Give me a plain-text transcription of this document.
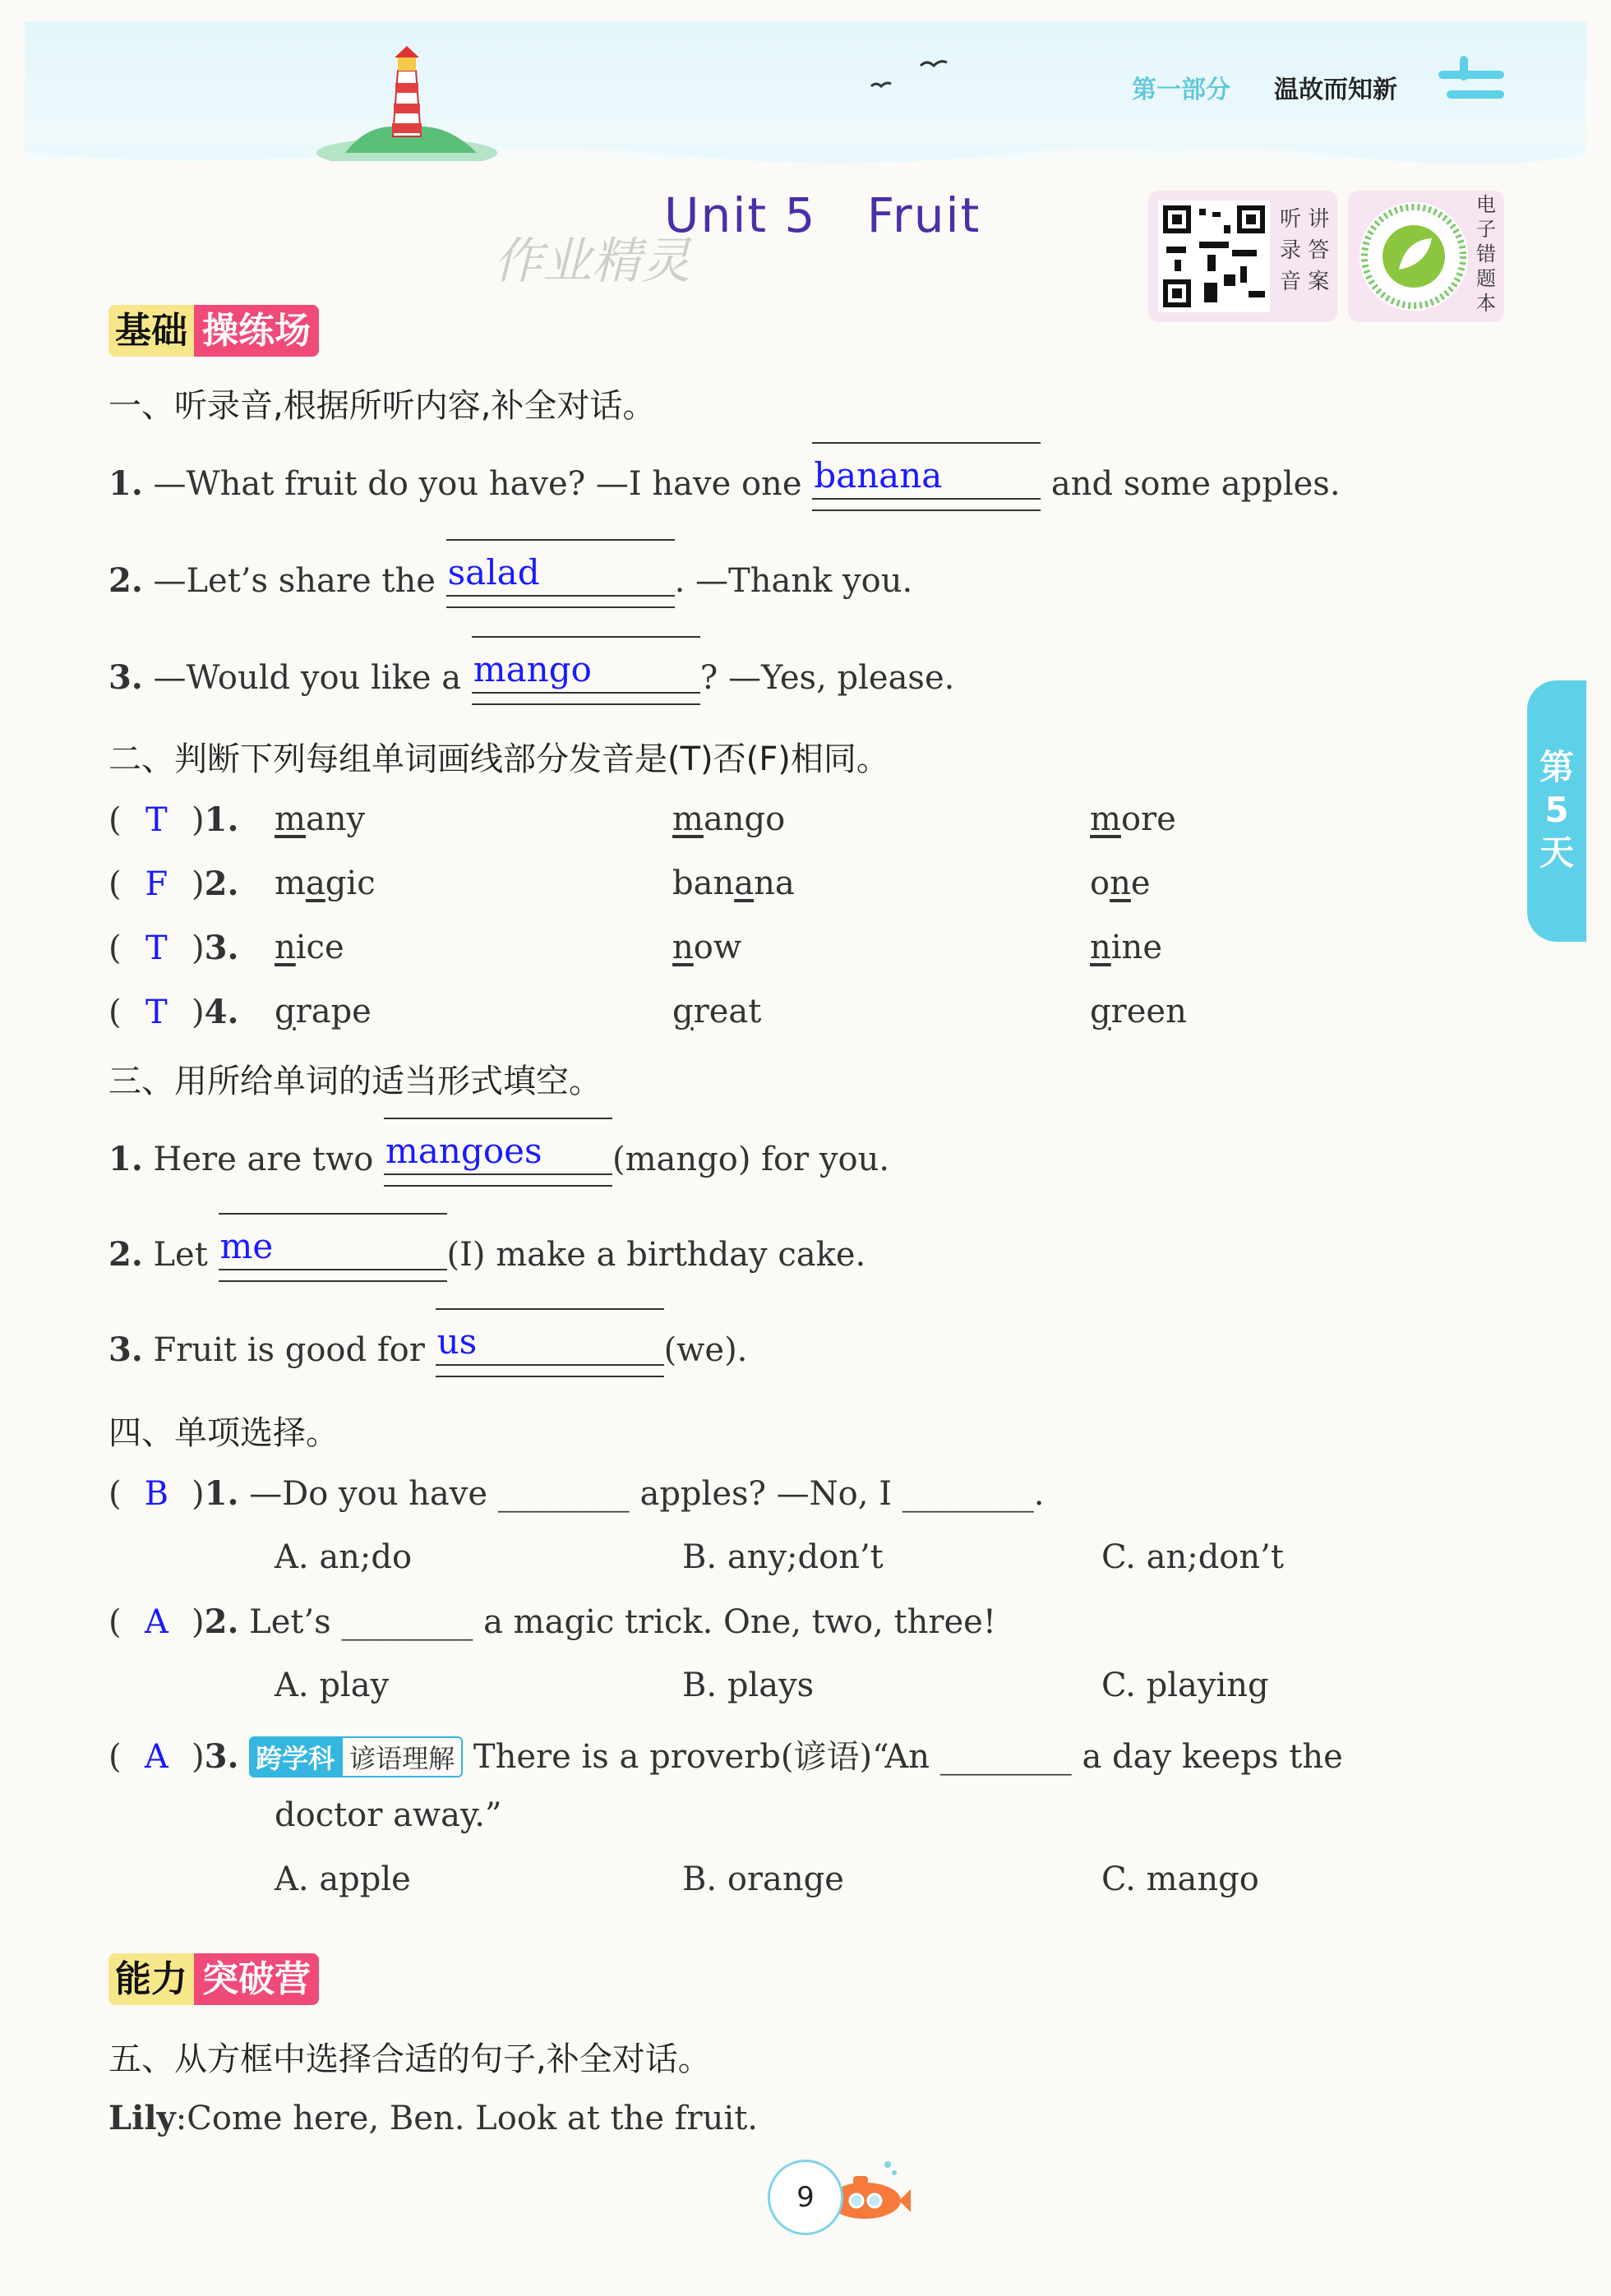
第一部分 温故而知新
Unit 5   Fruit
作业精灵
听 讲
录 答
音 案
电子错题本
第
5
天
基础 操练场
一、听录音,根据所听内容,补全对话。
1. —What fruit do you have? —I have one banana	and some apples.
2. —Let’s share the salad	. —Thank you.
3. —Would you like a mango	? —Yes, please.
二、判断下列每组单词画线部分发音是(T)否(F)相同。
( T )1. many	mango	more
( F )2. magic	banana	one
( T )3. nice	now	nine
( T )4. grape	great	green
三、用所给单词的适当形式填空。
1. Here are two mangoes (mango) for you.
2. Let me	(I) make a birthday cake.
3. Fruit is good for us	(we).
四、单项选择。
( B )1. —Do you have ________ apples? —No, I ________.
A. an;do	B. any;don’t	C. an;don’t
( A )2. Let’s ________ a magic trick. One, two, three!
A. play	B. plays	C. playing
( A )3. 跨学科 谚语理解 There is a proverb(谚语)“An ________ a day keeps the
doctor away.”
A. apple	B. orange	C. mango
能力 突破营
五、从方框中选择合适的句子,补全对话。
Lily:Come here, Ben. Look at the fruit.
9
